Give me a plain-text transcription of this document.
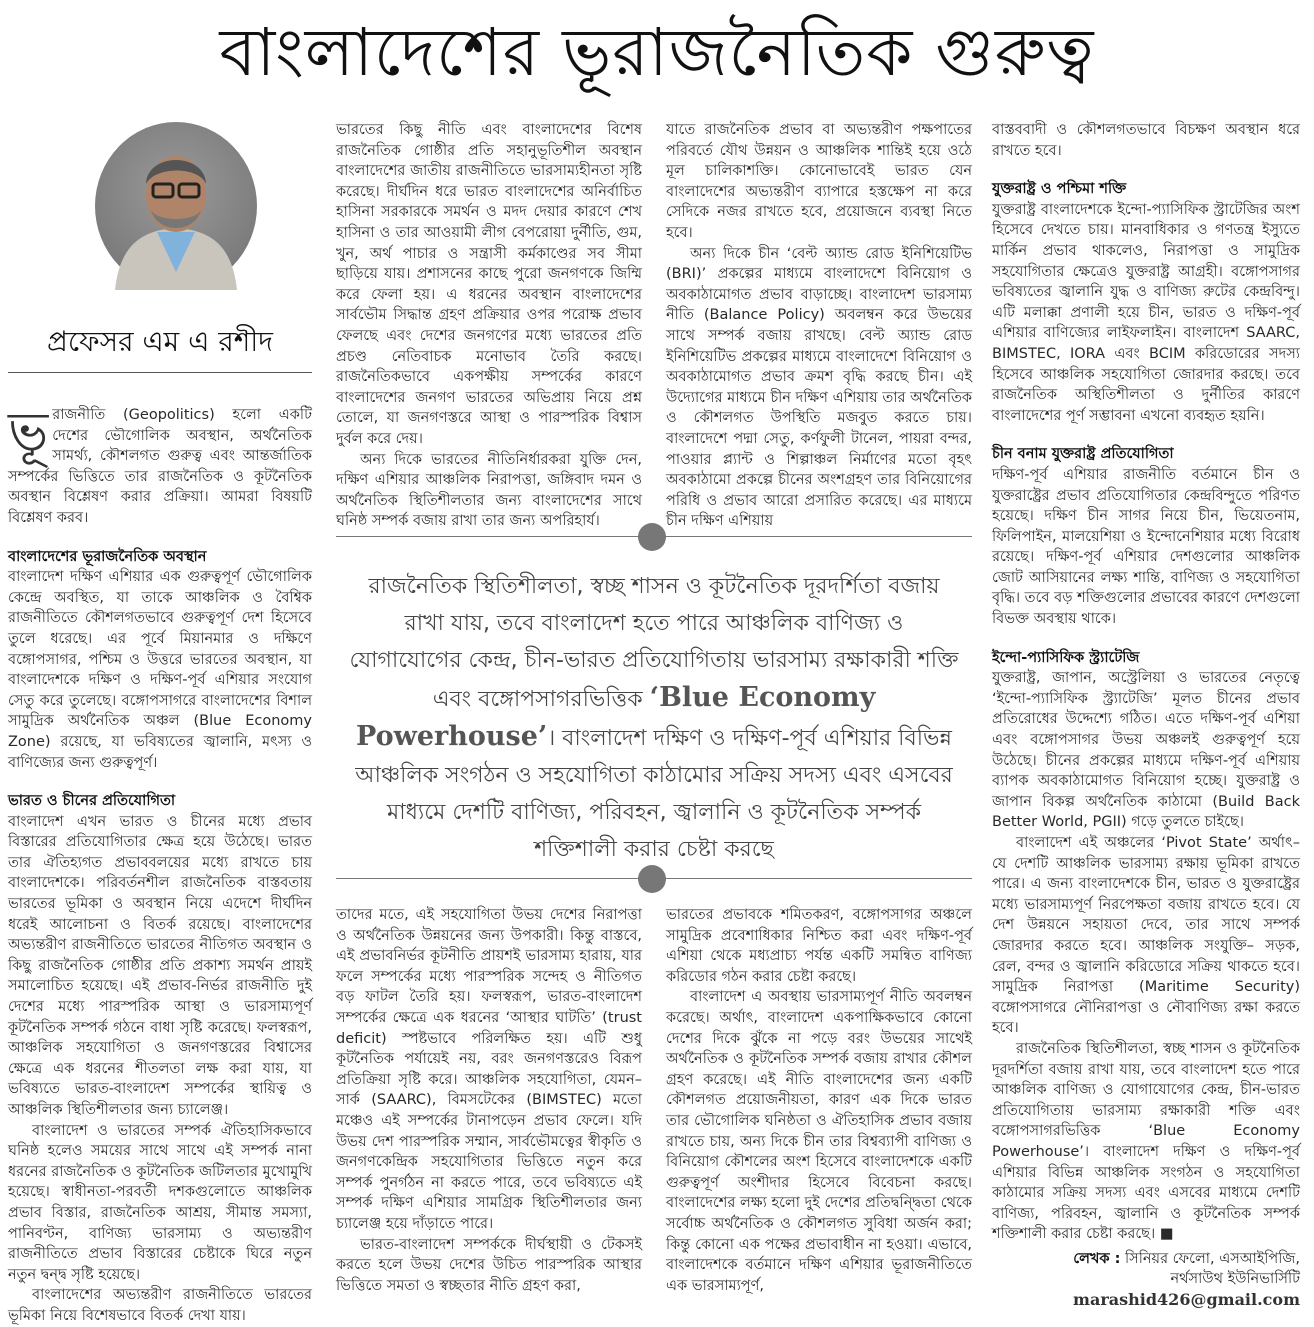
বাংলাদেশের ভূরাজনৈতিক গুরুত্ব
প্রফেসর এম এ রশীদ

ভূরাজনীতি (Geopolitics) হলো একটি দেশের ভৌগোলিক অবস্থান, অর্থনৈতিক সামর্থ্য, কৌশলগত গুরুত্ব এবং আন্তর্জাতিক সম্পর্কের ভিত্তিতে তার রাজনৈতিক ও কূটনৈতিক অবস্থান বিশ্লেষণ করার প্রক্রিয়া। আমরা বিষয়টি বিশ্লেষণ করব।

বাংলাদেশের ভূরাজনৈতিক অবস্থান

বাংলাদেশ দক্ষিণ এশিয়ার এক গুরুত্বপূর্ণ ভৌগোলিক কেন্দ্রে অবস্থিত, যা তাকে আঞ্চলিক ও বৈশ্বিক রাজনীতিতে কৌশলগতভাবে গুরুত্বপূর্ণ দেশ হিসেবে তুলে ধরেছে। এর পূর্বে মিয়ানমার ও দক্ষিণে বঙ্গোপসাগর, পশ্চিম ও উত্তরে ভারতের অবস্থান, যা বাংলাদেশকে দক্ষিণ ও দক্ষিণ-পূর্ব এশিয়ার সংযোগ সেতু করে তুলেছে। বঙ্গোপসাগরে বাংলাদেশের বিশাল সামুদ্রিক অর্থনৈতিক অঞ্চল (Blue Economy Zone) রয়েছে, যা ভবিষ্যতের জ্বালানি, মৎস্য ও বাণিজ্যের জন্য গুরুত্বপূর্ণ।

ভারত ও চীনের প্রতিযোগিতা

বাংলাদেশ এখন ভারত ও চীনের মধ্যে প্রভাব বিস্তারের প্রতিযোগিতার ক্ষেত্র হয়ে উঠেছে। ভারত তার ঐতিহ্যগত প্রভাববলয়ের মধ্যে রাখতে চায় বাংলাদেশকে। পরিবর্তনশীল রাজনৈতিক বাস্তবতায় ভারতের ভূমিকা ও অবস্থান নিয়ে এদেশে দীর্ঘদিন ধরেই আলোচনা ও বিতর্ক রয়েছে। বাংলাদেশের অভ্যন্তরীণ রাজনীতিতে ভারতের নীতিগত অবস্থান ও কিছু রাজনৈতিক গোষ্ঠীর প্রতি প্রকাশ্য সমর্থন প্রায়ই সমালোচিত হয়েছে। এই প্রভাব-নির্ভর রাজনীতি দুই দেশের মধ্যে পারস্পরিক আস্থা ও ভারসাম্যপূর্ণ কূটনৈতিক সম্পর্ক গঠনে বাধা সৃষ্টি করেছে। ফলস্বরূপ, আঞ্চলিক সহযোগিতা ও জনগণস্তরের বিশ্বাসের ক্ষেত্রে এক ধরনের শীতলতা লক্ষ করা যায়, যা ভবিষ্যতে ভারত-বাংলাদেশ সম্পর্কের স্থায়িত্ব ও আঞ্চলিক স্থিতিশীলতার জন্য চ্যালেঞ্জ।

বাংলাদেশ ও ভারতের সম্পর্ক ঐতিহাসিকভাবে ঘনিষ্ঠ হলেও সময়ের সাথে সাথে এই সম্পর্ক নানা ধরনের রাজনৈতিক ও কূটনৈতিক জটিলতার মুখোমুখি হয়েছে। স্বাধীনতা-পরবর্তী দশকগুলোতে আঞ্চলিক প্রভাব বিস্তার, রাজনৈতিক আশ্রয়, সীমান্ত সমস্যা, পানিবণ্টন, বাণিজ্য ভারসাম্য ও অভ্যন্তরীণ রাজনীতিতে প্রভাব বিস্তারের চেষ্টাকে ঘিরে নতুন নতুন দ্বন্দ্ব সৃষ্টি হয়েছে।

বাংলাদেশের অভ্যন্তরীণ রাজনীতিতে ভারতের ভূমিকা নিয়ে বিশেষভাবে বিতর্ক দেখা যায়।

ভারতের কিছু নীতি এবং বাংলাদেশের বিশেষ রাজনৈতিক গোষ্ঠীর প্রতি সহানুভূতিশীল অবস্থান বাংলাদেশের জাতীয় রাজনীতিতে ভারসাম্যহীনতা সৃষ্টি করেছে। দীর্ঘদিন ধরে ভারত বাংলাদেশের অনির্বাচিত হাসিনা সরকারকে সমর্থন ও মদদ দেয়ার কারণে শেখ হাসিনা ও তার আওয়ামী লীগ বেপরোয়া দুর্নীতি, গুম, খুন, অর্থ পাচার ও সন্ত্রাসী কর্মকাণ্ডের সব সীমা ছাড়িয়ে যায়। প্রশাসনের কাছে পুরো জনগণকে জিম্মি করে ফেলা হয়। এ ধরনের অবস্থান বাংলাদেশের সার্বভৌম সিদ্ধান্ত গ্রহণ প্রক্রিয়ার ওপর পরোক্ষ প্রভাব ফেলছে এবং দেশের জনগণের মধ্যে ভারতের প্রতি প্রচণ্ড নেতিবাচক মনোভাব তৈরি করছে। রাজনৈতিকভাবে একপক্ষীয় সম্পর্কের কারণে বাংলাদেশের জনগণ ভারতের অভিপ্রায় নিয়ে প্রশ্ন তোলে, যা জনগণস্তরে আস্থা ও পারস্পরিক বিশ্বাস দুর্বল করে দেয়।

অন্য দিকে ভারতের নীতিনির্ধারকরা যুক্তি দেন, দক্ষিণ এশিয়ার আঞ্চলিক নিরাপত্তা, জঙ্গিবাদ দমন ও অর্থনৈতিক স্থিতিশীলতার জন্য বাংলাদেশের সাথে ঘনিষ্ঠ সম্পর্ক বজায় রাখা তার জন্য অপরিহার্য।

যাতে রাজনৈতিক প্রভাব বা অভ্যন্তরীণ পক্ষপাতের পরিবর্তে যৌথ উন্নয়ন ও আঞ্চলিক শান্তিই হয়ে ওঠে মূল চালিকাশক্তি। কোনোভাবেই ভারত যেন বাংলাদেশের অভ্যন্তরীণ ব্যাপারে হস্তক্ষেপ না করে সেদিকে নজর রাখতে হবে, প্রয়োজনে ব্যবস্থা নিতে হবে।

অন্য দিকে চীন ‘বেল্ট অ্যান্ড রোড ইনিশিয়েটিভ (BRI)’ প্রকল্পের মাধ্যমে বাংলাদেশে বিনিয়োগ ও অবকাঠামোগত প্রভাব বাড়াচ্ছে। বাংলাদেশ ভারসাম্য নীতি (Balance Policy) অবলম্বন করে উভয়ের সাথে সম্পর্ক বজায় রাখছে। বেল্ট অ্যান্ড রোড ইনিশিয়েটিভ প্রকল্পের মাধ্যমে বাংলাদেশে বিনিয়োগ ও অবকাঠামোগত প্রভাব ক্রমশ বৃদ্ধি করছে চীন। এই উদ্যোগের মাধ্যমে চীন দক্ষিণ এশিয়ায় তার অর্থনৈতিক ও কৌশলগত উপস্থিতি মজবুত করতে চায়। বাংলাদেশে পদ্মা সেতু, কর্ণফুলী টানেল, পায়রা বন্দর, পাওয়ার প্ল্যান্ট ও শিল্পাঞ্চল নির্মাণের মতো বৃহৎ অবকাঠামো প্রকল্পে চীনের অংশগ্রহণ তার বিনিয়োগের পরিধি ও প্রভাব আরো প্রসারিত করেছে। এর মাধ্যমে চীন দক্ষিণ এশিয়ায়

তাদের মতে, এই সহযোগিতা উভয় দেশের নিরাপত্তা ও অর্থনৈতিক উন্নয়নের জন্য উপকারী। কিন্তু বাস্তবে, এই প্রভাবনির্ভর কূটনীতি প্রায়শই ভারসাম্য হারায়, যার ফলে সম্পর্কের মধ্যে পারস্পরিক সন্দেহ ও নীতিগত বড় ফাটল তৈরি হয়। ফলস্বরূপ, ভারত-বাংলাদেশ সম্পর্কের ক্ষেত্রে এক ধরনের ‘আস্থার ঘাটতি’ (trust deficit) স্পষ্টভাবে পরিলক্ষিত হয়। এটি শুধু কূটনৈতিক পর্যায়েই নয়, বরং জনগণস্তরেও বিরূপ প্রতিক্রিয়া সৃষ্টি করে। আঞ্চলিক সহযোগিতা, যেমন– সার্ক (SAARC), বিমসটেকের (BIMSTEC) মতো মঞ্চেও এই সম্পর্কের টানাপড়েন প্রভাব ফেলে। যদি উভয় দেশ পারস্পরিক সম্মান, সার্বভৌমত্বের স্বীকৃতি ও জনগণকেন্দ্রিক সহযোগিতার ভিত্তিতে নতুন করে সম্পর্ক পুনর্গঠন না করতে পারে, তবে ভবিষ্যতে এই সম্পর্ক দক্ষিণ এশিয়ার সামগ্রিক স্থিতিশীলতার জন্য চ্যালেঞ্জ হয়ে দাঁড়াতে পারে।

ভারত-বাংলাদেশ সম্পর্ককে দীর্ঘস্থায়ী ও টেকসই করতে হলে উভয় দেশের উচিত পারস্পরিক আস্থার ভিত্তিতে সমতা ও স্বচ্ছতার নীতি গ্রহণ করা,

ভারতের প্রভাবকে শমিতকরণ, বঙ্গোপসাগর অঞ্চলে সামুদ্রিক প্রবেশাধিকার নিশ্চিত করা এবং দক্ষিণ-পূর্ব এশিয়া থেকে মধ্যপ্রাচ্য পর্যন্ত একটি সমন্বিত বাণিজ্য করিডোর গঠন করার চেষ্টা করছে।

বাংলাদেশ এ অবস্থায় ভারসাম্যপূর্ণ নীতি অবলম্বন করেছে। অর্থাৎ, বাংলাদেশ একপাক্ষিকভাবে কোনো দেশের দিকে ঝুঁকে না পড়ে বরং উভয়ের সাথেই অর্থনৈতিক ও কূটনৈতিক সম্পর্ক বজায় রাখার কৌশল গ্রহণ করেছে। এই নীতি বাংলাদেশের জন্য একটি কৌশলগত প্রয়োজনীয়তা, কারণ এক দিকে ভারত তার ভৌগোলিক ঘনিষ্ঠতা ও ঐতিহাসিক প্রভাব বজায় রাখতে চায়, অন্য দিকে চীন তার বিশ্বব্যাপী বাণিজ্য ও বিনিয়োগ কৌশলের অংশ হিসেবে বাংলাদেশকে একটি গুরুত্বপূর্ণ অংশীদার হিসেবে বিবেচনা করছে। বাংলাদেশের লক্ষ্য হলো দুই দেশের প্রতিদ্বন্দ্বিতা থেকে সর্বোচ্চ অর্থনৈতিক ও কৌশলগত সুবিধা অর্জন করা; কিন্তু কোনো এক পক্ষের প্রভাবাধীন না হওয়া। এভাবে, বাংলাদেশকে বর্তমানে দক্ষিণ এশিয়ার ভূরাজনীতিতে এক ভারসাম্যপূর্ণ,

বাস্তববাদী ও কৌশলগতভাবে বিচক্ষণ অবস্থান ধরে রাখতে হবে।

যুক্তরাষ্ট্র ও পশ্চিমা শক্তি

যুক্তরাষ্ট্র বাংলাদেশকে ইন্দো-প্যাসিফিক স্ট্রাটেজির অংশ হিসেবে দেখতে চায়। মানবাধিকার ও গণতন্ত্র ইস্যুতে মার্কিন প্রভাব থাকলেও, নিরাপত্তা ও সামুদ্রিক সহযোগিতার ক্ষেত্রেও যুক্তরাষ্ট্র আগ্রহী। বঙ্গোপসাগর ভবিষ্যতের জ্বালানি যুদ্ধ ও বাণিজ্য রুটের কেন্দ্রবিন্দু। এটি মলাক্কা প্রণালী হয়ে চীন, ভারত ও দক্ষিণ-পূর্ব এশিয়ার বাণিজ্যের লাইফলাইন। বাংলাদেশ SAARC, BIMSTEC, IORA এবং BCIM করিডোরের সদস্য হিসেবে আঞ্চলিক সহযোগিতা জোরদার করছে। তবে রাজনৈতিক অস্থিতিশীলতা ও দুর্নীতির কারণে বাংলাদেশের পূর্ণ সম্ভাবনা এখনো ব্যবহৃত হয়নি।

চীন বনাম যুক্তরাষ্ট্র প্রতিযোগিতা

দক্ষিণ-পূর্ব এশিয়ার রাজনীতি বর্তমানে চীন ও যুক্তরাষ্ট্রের প্রভাব প্রতিযোগিতার কেন্দ্রবিন্দুতে পরিণত হয়েছে। দক্ষিণ চীন সাগর নিয়ে চীন, ভিয়েতনাম, ফিলিপাইন, মালয়েশিয়া ও ইন্দোনেশিয়ার মধ্যে বিরোধ রয়েছে। দক্ষিণ-পূর্ব এশিয়ার দেশগুলোর আঞ্চলিক জোট আসিয়ানের লক্ষ্য শান্তি, বাণিজ্য ও সহযোগিতা বৃদ্ধি। তবে বড় শক্তিগুলোর প্রভাবের কারণে দেশগুলো বিভক্ত অবস্থায় থাকে।

ইন্দো-প্যাসিফিক স্ট্র্যাটেজি

যুক্তরাষ্ট্র, জাপান, অস্ট্রেলিয়া ও ভারতের নেতৃত্বে ‘ইন্দো-প্যাসিফিক স্ট্র্যাটেজি’ মূলত চীনের প্রভাব প্রতিরোধের উদ্দেশ্যে গঠিত। এতে দক্ষিণ-পূর্ব এশিয়া এবং বঙ্গোপসাগর উভয় অঞ্চলই গুরুত্বপূর্ণ হয়ে উঠেছে। চীনের প্রকল্পের মাধ্যমে দক্ষিণ-পূর্ব এশিয়ায় ব্যাপক অবকাঠামোগত বিনিয়োগ হচ্ছে। যুক্তরাষ্ট্র ও জাপান বিকল্প অর্থনৈতিক কাঠামো (Build Back Better World, PGII) গড়ে তুলতে চাইছে।

বাংলাদেশ এই অঞ্চলের ‘Pivot State’ অর্থাৎ– যে দেশটি আঞ্চলিক ভারসাম্য রক্ষায় ভূমিকা রাখতে পারে। এ জন্য বাংলাদেশকে চীন, ভারত ও যুক্তরাষ্ট্রের মধ্যে ভারসাম্যপূর্ণ নিরপেক্ষতা বজায় রাখতে হবে। যে দেশ উন্নয়নে সহায়তা দেবে, তার সাথে সম্পর্ক জোরদার করতে হবে। আঞ্চলিক সংযুক্তি– সড়ক, রেল, বন্দর ও জ্বালানি করিডোরে সক্রিয় থাকতে হবে। সামুদ্রিক নিরাপত্তা (Maritime Security) বঙ্গোপসাগরে নৌনিরাপত্তা ও নৌবাণিজ্য রক্ষা করতে হবে।

রাজনৈতিক স্থিতিশীলতা, স্বচ্ছ শাসন ও কূটনৈতিক দূরদর্শিতা বজায় রাখা যায়, তবে বাংলাদেশ হতে পারে আঞ্চলিক বাণিজ্য ও যোগাযোগের কেন্দ্র, চীন-ভারত প্রতিযোগিতায় ভারসাম্য রক্ষাকারী শক্তি এবং বঙ্গোপসাগরভিত্তিক ‘Blue Economy Powerhouse’। বাংলাদেশ দক্ষিণ ও দক্ষিণ-পূর্ব এশিয়ার বিভিন্ন আঞ্চলিক সংগঠন ও সহযোগিতা কাঠামোর সক্রিয় সদস্য এবং এসবের মাধ্যমে দেশটি বাণিজ্য, পরিবহন, জ্বালানি ও কূটনৈতিক সম্পর্ক শক্তিশালী করার চেষ্টা করছে। ■

লেখক : সিনিয়র ফেলো, এসআইপিজি,
নর্থসাউথ ইউনিভার্সিটি
marashid426@gmail.com
রাজনৈতিক স্থিতিশীলতা, স্বচ্ছ শাসন ও কূটনৈতিক দূরদর্শিতা বজায় রাখা যায়, তবে বাংলাদেশ হতে পারে আঞ্চলিক বাণিজ্য ও যোগাযোগের কেন্দ্র, চীন-ভারত প্রতিযোগিতায় ভারসাম্য রক্ষাকারী শক্তি এবং বঙ্গোপসাগরভিত্তিক ‘Blue Economy Powerhouse’। বাংলাদেশ দক্ষিণ ও দক্ষিণ-পূর্ব এশিয়ার বিভিন্ন আঞ্চলিক সংগঠন ও সহযোগিতা কাঠামোর সক্রিয় সদস্য এবং এসবের মাধ্যমে দেশটি বাণিজ্য, পরিবহন, জ্বালানি ও কূটনৈতিক সম্পর্ক শক্তিশালী করার চেষ্টা করছে
